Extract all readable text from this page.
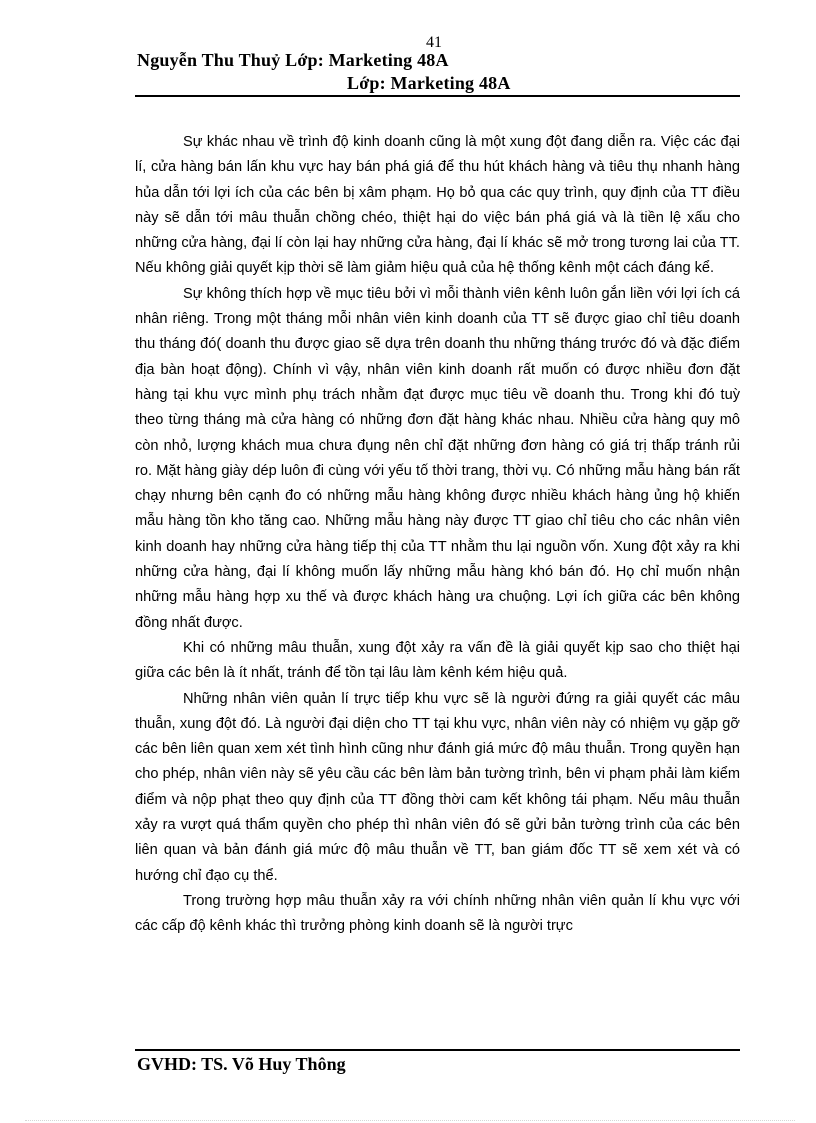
41
Nguyễn Thu Thuỷ Lớp: Marketing 48A
Lớp: Marketing 48A

Sự khác nhau về trình độ kinh doanh cũng là một xung đột đang diễn ra. Việc các đại lí, cửa hàng bán lấn khu vực hay bán phá giá để thu hút khách hàng và tiêu thụ nhanh hàng hủa dẫn tới lợi ích của các bên bị xâm phạm. Họ bỏ qua các quy trình, quy định của TT điều này sẽ dẫn tới mâu thuẫn chồng chéo, thiệt hại do việc bán phá giá và là tiền lệ xấu cho những cửa hàng, đại lí còn lại hay những cửa hàng, đại lí khác sẽ mở trong tương lai của TT. Nếu không giải quyết kịp thời sẽ làm giảm hiệu quả của hệ thống kênh một cách đáng kể.

Sự không thích hợp về mục tiêu bởi vì mỗi thành viên kênh luôn gắn liền với lợi ích cá nhân riêng. Trong một tháng mỗi nhân viên kinh doanh của TT sẽ được giao chỉ tiêu doanh thu tháng đó( doanh thu được giao sẽ dựa trên doanh thu những tháng trước đó và đặc điểm địa bàn hoạt động). Chính vì vậy, nhân viên kinh doanh rất muốn có được nhiều đơn đặt hàng tại khu vực mình phụ trách nhằm đạt được mục tiêu về doanh thu. Trong khi đó tuỳ theo từng tháng mà cửa hàng có những đơn đặt hàng khác nhau. Nhiều cửa hàng quy mô còn nhỏ, lượng khách mua chưa đụng nên chỉ đặt những đơn hàng có giá trị thấp tránh rủi ro. Mặt hàng giày dép luôn đi cùng với yếu tố thời trang, thời vụ. Có những mẫu hàng bán rất chạy nhưng bên cạnh đo có những mẫu hàng không được nhiều khách hàng ủng hộ khiến mẫu hàng tồn kho tăng cao. Những mẫu hàng này được TT giao chỉ tiêu cho các nhân viên kinh doanh hay những cửa hàng tiếp thị của TT nhằm thu lại nguồn vốn. Xung đột xảy ra khi những cửa hàng, đại lí không muốn lấy những mẫu hàng khó bán đó. Họ chỉ muốn nhận những mẫu hàng hợp xu thế và được khách hàng ưa chuộng. Lợi ích giữa các bên không đồng nhất được.

Khi có những mâu thuẫn, xung đột xảy ra vấn đề là giải quyết kịp sao cho thiệt hại giữa các bên là ít nhất, tránh để tồn tại lâu làm kênh kém hiệu quả.

Những nhân viên quản lí trực tiếp khu vực sẽ là người đứng ra giải quyết các mâu thuẫn, xung đột đó. Là người đại diện cho TT tại khu vực, nhân viên này có nhiệm vụ gặp gỡ các bên liên quan xem xét tình hình cũng như đánh giá mức độ mâu thuẫn. Trong quyền hạn cho phép, nhân viên này sẽ yêu cầu các bên làm bản tường trình, bên vi phạm phải làm kiểm điểm và nộp phạt theo quy định của TT đồng thời cam kết không tái phạm. Nếu mâu thuẫn xảy ra vượt quá thẩm quyền cho phép thì nhân viên đó sẽ gửi bản tường trình của các bên liên quan và bản đánh giá mức độ mâu thuẫn về TT, ban giám đốc TT sẽ xem xét và có hướng chỉ đạo cụ thể.

Trong trường hợp mâu thuẫn xảy ra với chính những nhân viên quản lí khu vực với các cấp độ kênh khác thì trưởng phòng kinh doanh sẽ là người trực

GVHD: TS. Võ Huy Thông
